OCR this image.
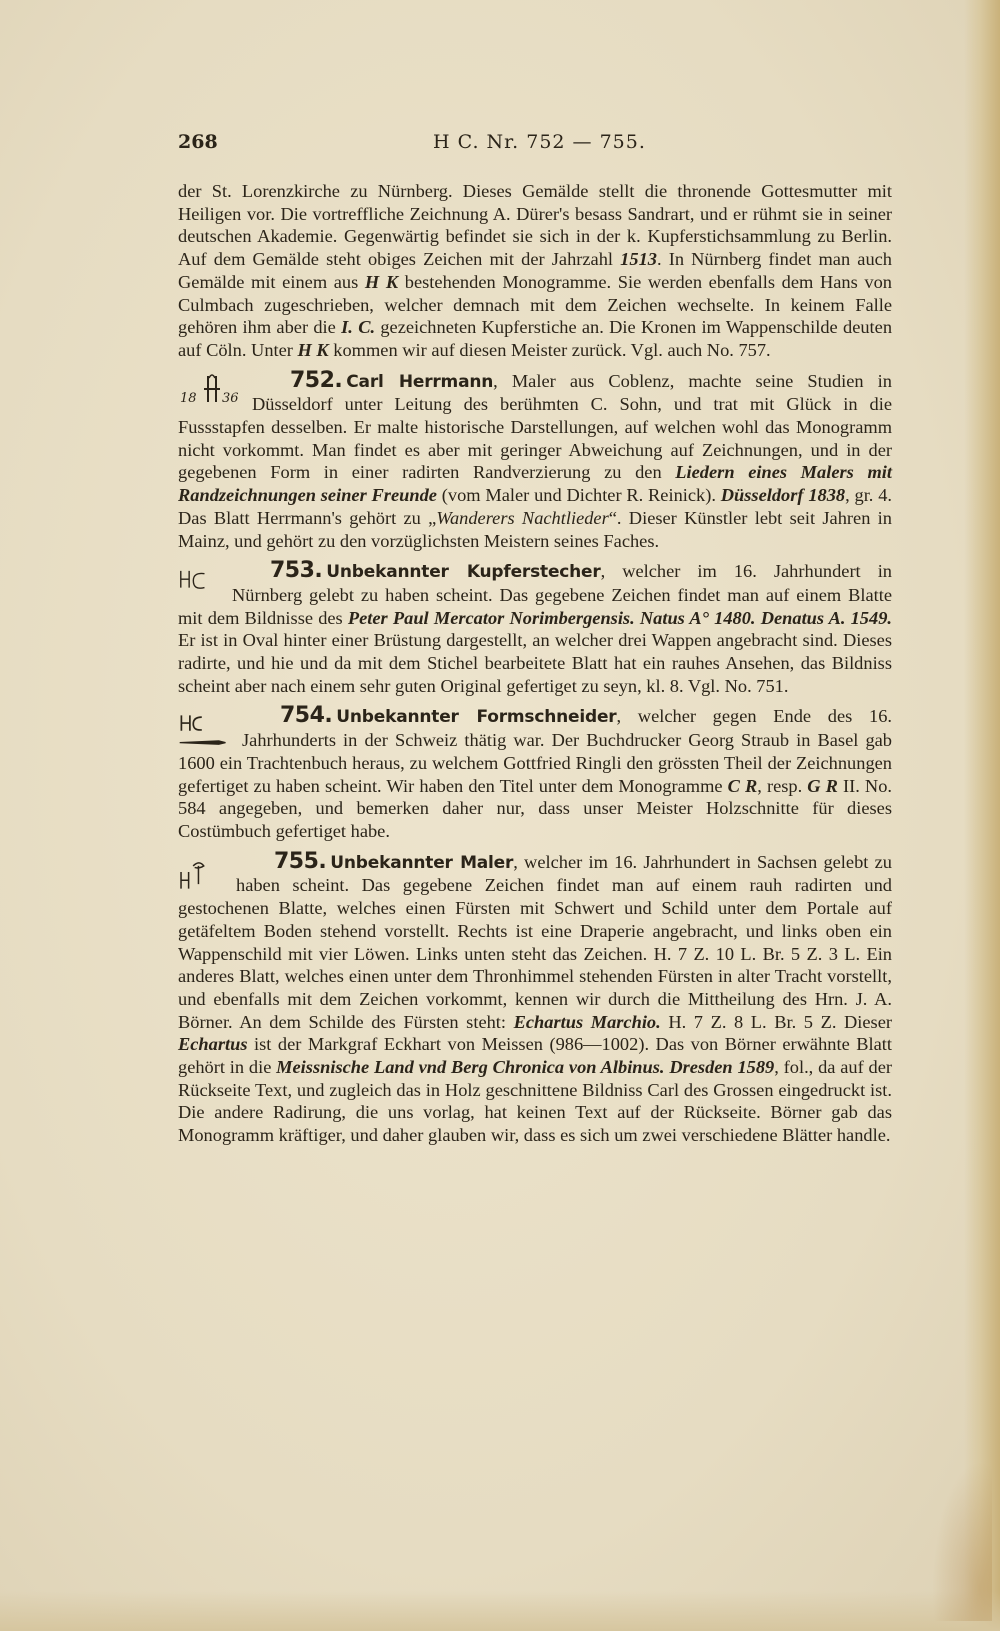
268	H C. Nr. 752 — 755.

der St. Lorenzkirche zu Nürnberg. Dieses Gemälde stellt die thronende Gottesmutter mit Heiligen vor. Die vortreffliche Zeichnung A. Dürer's besass Sandrart, und er rühmt sie in seiner deutschen Akademie. Gegenwärtig befindet sie sich in der k. Kupferstichsammlung zu Berlin. Auf dem Gemälde steht obiges Zeichen mit der Jahrzahl 1513. In Nürnberg findet man auch Gemälde mit einem aus H K bestehenden Monogramme. Sie werden ebenfalls dem Hans von Culmbach zugeschrieben, welcher demnach mit dem Zeichen wechselte. In keinem Falle gehören ihm aber die I. C. gezeichneten Kupferstiche an. Die Kronen im Wappenschilde deuten auf Cöln. Unter H K kommen wir auf diesen Meister zurück. Vgl. auch No. 757.

752. Carl Herrmann
18 36
, Maler aus Coblenz, machte seine Studien in Düsseldorf unter Leitung des berühmten C. Sohn, und trat mit Glück in die Fussstapfen desselben. Er malte historische Darstellungen, auf welchen wohl das Monogramm nicht vorkommt. Man findet es aber mit geringer Abweichung auf Zeichnungen, und in der gegebenen Form in einer radirten Randverzierung zu den Liedern eines Malers mit Randzeichnungen seiner Freunde (vom Maler und Dichter R. Reinick). Düsseldorf 1838, gr. 4. Das Blatt Herrmann's gehört zu „Wanderers Nachtlieder“. Dieser Künstler lebt seit Jahren in Mainz, und gehört zu den vorzüglichsten Meistern seines Faches.

753. Unbekannter Kupferstecher
, welcher im 16. Jahrhundert in Nürnberg gelebt zu haben scheint. Das gegebene Zeichen findet man auf einem Blatte mit dem Bildnisse des Peter Paul Mercator Norimbergensis. Natus A° 1480. Denatus A. 1549. Er ist in Oval hinter einer Brüstung dargestellt, an welcher drei Wappen angebracht sind. Dieses radirte, und hie und da mit dem Stichel bearbeitete Blatt hat ein rauhes Ansehen, das Bildniss scheint aber nach einem sehr guten Original gefertiget zu seyn, kl. 8. Vgl. No. 751.

754. Unbekannter Formschneider
, welcher gegen Ende des 16. Jahrhunderts in der Schweiz thätig war. Der Buchdrucker Georg Straub in Basel gab 1600 ein Trachtenbuch heraus, zu welchem Gottfried Ringli den grössten Theil der Zeichnungen gefertiget zu haben scheint. Wir haben den Titel unter dem Monogramme C R, resp. G R II. No. 584 angegeben, und bemerken daher nur, dass unser Meister Holzschnitte für dieses Costümbuch gefertiget habe.

755. Unbekannter Maler
, welcher im 16. Jahrhundert in Sachsen gelebt zu haben scheint. Das gegebene Zeichen findet man auf einem rauh radirten und gestochenen Blatte, welches einen Fürsten mit Schwert und Schild unter dem Portale auf getäfeltem Boden stehend vorstellt. Rechts ist eine Draperie angebracht, und links oben ein Wappenschild mit vier Löwen. Links unten steht das Zeichen. H. 7 Z. 10 L. Br. 5 Z. 3 L. Ein anderes Blatt, welches einen unter dem Thronhimmel stehenden Fürsten in alter Tracht vorstellt, und ebenfalls mit dem Zeichen vorkommt, kennen wir durch die Mittheilung des Hrn. J. A. Börner. An dem Schilde des Fürsten steht: Echartus Marchio. H. 7 Z. 8 L. Br. 5 Z. Dieser Echartus ist der Markgraf Eckhart von Meissen (986—1002). Das von Börner erwähnte Blatt gehört in die Meissnische Land vnd Berg Chronica von Albinus. Dresden 1589, fol., da auf der Rückseite Text, und zugleich das in Holz geschnittene Bildniss Carl des Grossen eingedruckt ist. Die andere Radirung, die uns vorlag, hat keinen Text auf der Rückseite. Börner gab das Monogramm kräftiger, und daher glauben wir, dass es sich um zwei verschiedene Blätter handle.
